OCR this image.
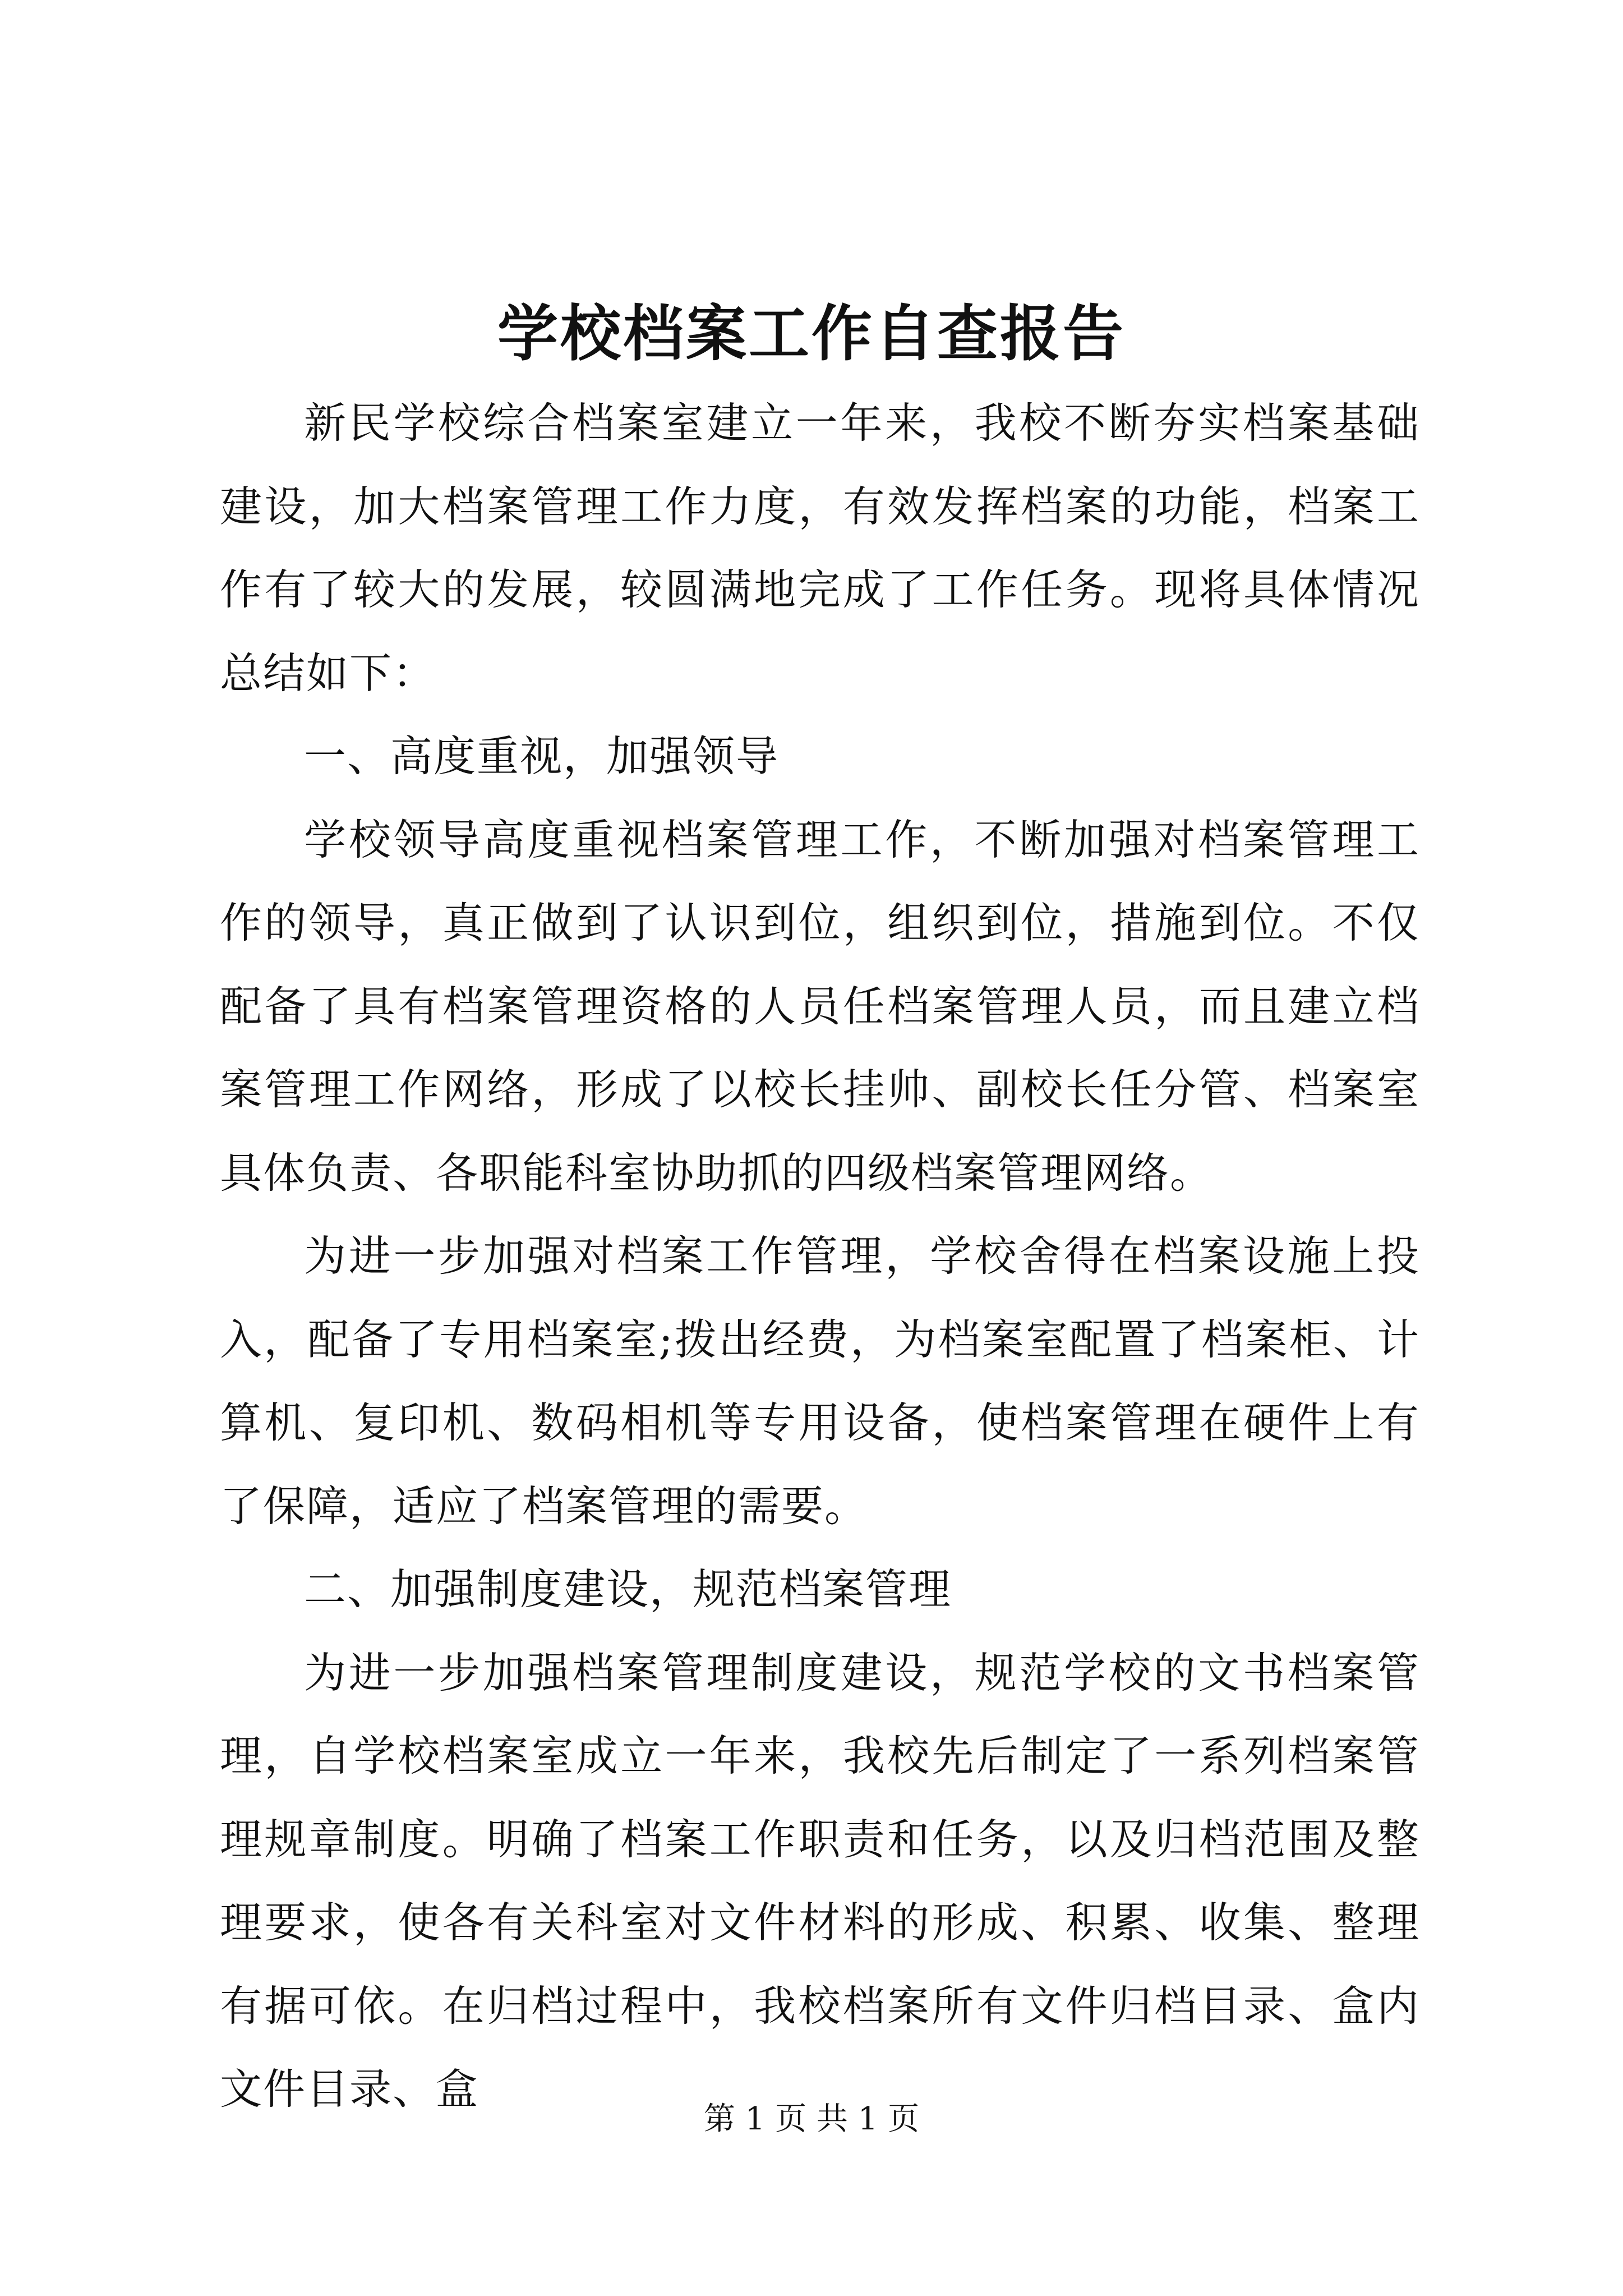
学校档案工作自查报告

新民学校综合档案室建立一年来，我校不断夯实档案基础建设，加大档案管理工作力度，有效发挥档案的功能，档案工作有了较大的发展，较圆满地完成了工作任务。现将具体情况总结如下：

一、高度重视，加强领导

学校领导高度重视档案管理工作，不断加强对档案管理工作的领导，真正做到了认识到位，组织到位，措施到位。不仅配备了具有档案管理资格的人员任档案管理人员，而且建立档案管理工作网络，形成了以校长挂帅、副校长任分管、档案室具体负责、各职能科室协助抓的四级档案管理网络。

为进一步加强对档案工作管理，学校舍得在档案设施上投入，配备了专用档案室;拨出经费，为档案室配置了档案柜、计算机、复印机、数码相机等专用设备，使档案管理在硬件上有了保障，适应了档案管理的需要。

二、加强制度建设，规范档案管理

为进一步加强档案管理制度建设，规范学校的文书档案管理，自学校档案室成立一年来，我校先后制定了一系列档案管理规章制度。明确了档案工作职责和任务，以及归档范围及整理要求，使各有关科室对文件材料的形成、积累、收集、整理有据可依。在归档过程中，我校档案所有文件归档目录、盒内文件目录、盒

第 1 页 共 1 页
